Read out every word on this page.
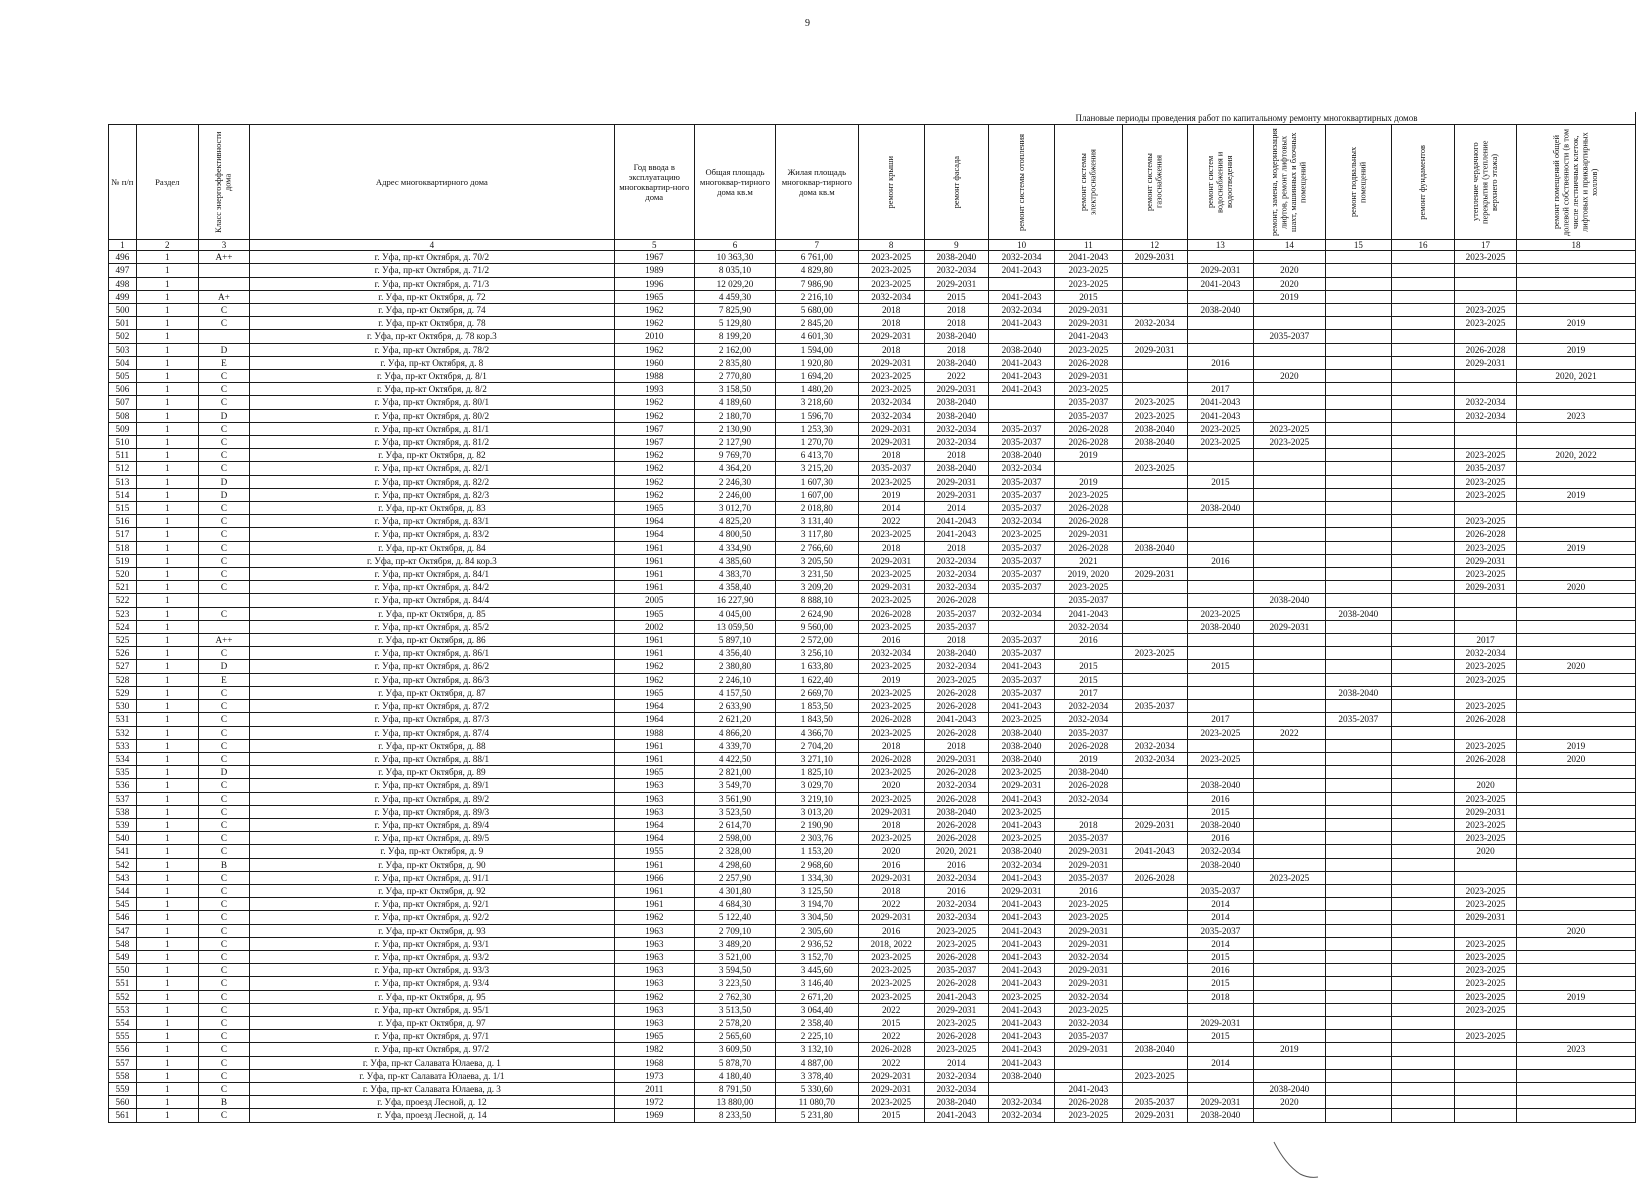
9
							Плановые периоды проведения работ по капитальному ремонту многоквартирных домов										
№ п/п	Раздел	Класс энергоэффективности дома	Адрес многоквартирного дома	Год ввода в эксплуатацию многоквартир-ного дома	Общая площадь многоквар-тирного дома кв.м	Жилая площадь многоквар-тирного дома кв.м	ремонт крыши	ремонт фасада	ремонт системы отопления	ремонт системы электроснабжения	ремонт системы газоснабжения	ремонт систем водоснабжения и водоотведения	ремонт, замена, модернизация лифтов, ремонт лифтовых шахт, машинных и блочных помещений	ремонт подвальных помещений	ремонт фундаментов	утепление чердачного перекрытия (утепление верхнего этажа)	ремонт помещений общей долевой собственности (в том числе лестничных клеток, лифтовых и приквартирных холлов)

1	2	3	4	5	6	7	8	9	10	11	12	13	14	15	16	17	18
496	1	A++	г. Уфа, пр-кт Октября, д. 70/2	1967	10 363,30	6 761,00	2023-2025	2038-2040	2032-2034	2041-2043	2029-2031					2023-2025	
497	1		г. Уфа, пр-кт Октября, д. 71/2	1989	8 035,10	4 829,80	2023-2025	2032-2034	2041-2043	2023-2025		2029-2031	2020				
498	1		г. Уфа, пр-кт Октября, д. 71/3	1996	12 029,20	7 986,90	2023-2025	2029-2031		2023-2025		2041-2043	2020				
499	1	A+	г. Уфа, пр-кт Октября, д. 72	1965	4 459,30	2 216,10	2032-2034	2015	2041-2043	2015			2019				
500	1	C	г. Уфа, пр-кт Октября, д. 74	1962	7 825,90	5 680,00	2018	2018	2032-2034	2029-2031		2038-2040				2023-2025	
501	1	C	г. Уфа, пр-кт Октября, д. 78	1962	5 129,80	2 845,20	2018	2018	2041-2043	2029-2031	2032-2034					2023-2025	2019
502	1		г. Уфа, пр-кт Октября, д. 78 кор.3	2010	8 199,20	4 601,30	2029-2031	2038-2040		2041-2043			2035-2037				
503	1	D	г. Уфа, пр-кт Октября, д. 78/2	1962	2 162,00	1 594,00	2018	2018	2038-2040	2023-2025	2029-2031					2026-2028	2019
504	1	E	г. Уфа, пр-кт Октября, д. 8	1960	2 835,80	1 920,80	2029-2031	2038-2040	2041-2043	2026-2028		2016				2029-2031	
505	1	C	г. Уфа, пр-кт Октября, д. 8/1	1988	2 770,80	1 694,20	2023-2025	2022	2041-2043	2029-2031			2020				2020, 2021
506	1	C	г. Уфа, пр-кт Октября, д. 8/2	1993	3 158,50	1 480,20	2023-2025	2029-2031	2041-2043	2023-2025		2017					
507	1	C	г. Уфа, пр-кт Октября, д. 80/1	1962	4 189,60	3 218,60	2032-2034	2038-2040		2035-2037	2023-2025	2041-2043				2032-2034	
508	1	D	г. Уфа, пр-кт Октября, д. 80/2	1962	2 180,70	1 596,70	2032-2034	2038-2040		2035-2037	2023-2025	2041-2043				2032-2034	2023
509	1	C	г. Уфа, пр-кт Октября, д. 81/1	1967	2 130,90	1 253,30	2029-2031	2032-2034	2035-2037	2026-2028	2038-2040	2023-2025	2023-2025				
510	1	C	г. Уфа, пр-кт Октября, д. 81/2	1967	2 127,90	1 270,70	2029-2031	2032-2034	2035-2037	2026-2028	2038-2040	2023-2025	2023-2025				
511	1	C	г. Уфа, пр-кт Октября, д. 82	1962	9 769,70	6 413,70	2018	2018	2038-2040	2019						2023-2025	2020, 2022
512	1	C	г. Уфа, пр-кт Октября, д. 82/1	1962	4 364,20	3 215,20	2035-2037	2038-2040	2032-2034		2023-2025					2035-2037	
513	1	D	г. Уфа, пр-кт Октября, д. 82/2	1962	2 246,30	1 607,30	2023-2025	2029-2031	2035-2037	2019		2015				2023-2025	
514	1	D	г. Уфа, пр-кт Октября, д. 82/3	1962	2 246,00	1 607,00	2019	2029-2031	2035-2037	2023-2025						2023-2025	2019
515	1	C	г. Уфа, пр-кт Октября, д. 83	1965	3 012,70	2 018,80	2014	2014	2035-2037	2026-2028		2038-2040					
516	1	C	г. Уфа, пр-кт Октября, д. 83/1	1964	4 825,20	3 131,40	2022	2041-2043	2032-2034	2026-2028						2023-2025	
517	1	C	г. Уфа, пр-кт Октября, д. 83/2	1964	4 800,50	3 117,80	2023-2025	2041-2043	2023-2025	2029-2031						2026-2028	
518	1	C	г. Уфа, пр-кт Октября, д. 84	1961	4 334,90	2 766,60	2018	2018	2035-2037	2026-2028	2038-2040					2023-2025	2019
519	1	C	г. Уфа, пр-кт Октября, д. 84 кор.3	1961	4 385,60	3 205,50	2029-2031	2032-2034	2035-2037	2021		2016				2029-2031	
520	1	C	г. Уфа, пр-кт Октября, д. 84/1	1961	4 383,70	3 231,50	2023-2025	2032-2034	2035-2037	2019, 2020	2029-2031					2023-2025	
521	1	C	г. Уфа, пр-кт Октября, д. 84/2	1961	4 358,40	3 209,20	2029-2031	2032-2034	2035-2037	2023-2025						2029-2031	2020
522	1		г. Уфа, пр-кт Октября, д. 84/4	2005	16 227,90	8 888,10	2023-2025	2026-2028		2035-2037			2038-2040				
523	1	C	г. Уфа, пр-кт Октября, д. 85	1965	4 045,00	2 624,90	2026-2028	2035-2037	2032-2034	2041-2043		2023-2025		2038-2040			
524	1		г. Уфа, пр-кт Октября, д. 85/2	2002	13 059,50	9 560,00	2023-2025	2035-2037		2032-2034		2038-2040	2029-2031				
525	1	A++	г. Уфа, пр-кт Октября, д. 86	1961	5 897,10	2 572,00	2016	2018	2035-2037	2016						2017	
526	1	C	г. Уфа, пр-кт Октября, д. 86/1	1961	4 356,40	3 256,10	2032-2034	2038-2040	2035-2037		2023-2025					2032-2034	
527	1	D	г. Уфа, пр-кт Октября, д. 86/2	1962	2 380,80	1 633,80	2023-2025	2032-2034	2041-2043	2015		2015				2023-2025	2020
528	1	E	г. Уфа, пр-кт Октября, д. 86/3	1962	2 246,10	1 622,40	2019	2023-2025	2035-2037	2015						2023-2025	
529	1	C	г. Уфа, пр-кт Октября, д. 87	1965	4 157,50	2 669,70	2023-2025	2026-2028	2035-2037	2017				2038-2040			
530	1	C	г. Уфа, пр-кт Октября, д. 87/2	1964	2 633,90	1 853,50	2023-2025	2026-2028	2041-2043	2032-2034	2035-2037					2023-2025	
531	1	C	г. Уфа, пр-кт Октября, д. 87/3	1964	2 621,20	1 843,50	2026-2028	2041-2043	2023-2025	2032-2034		2017		2035-2037		2026-2028	
532	1	C	г. Уфа, пр-кт Октября, д. 87/4	1988	4 866,20	4 366,70	2023-2025	2026-2028	2038-2040	2035-2037		2023-2025	2022				
533	1	C	г. Уфа, пр-кт Октября, д. 88	1961	4 339,70	2 704,20	2018	2018	2038-2040	2026-2028	2032-2034					2023-2025	2019
534	1	C	г. Уфа, пр-кт Октября, д. 88/1	1961	4 422,50	3 271,10	2026-2028	2029-2031	2038-2040	2019	2032-2034	2023-2025				2026-2028	2020
535	1	D	г. Уфа, пр-кт Октября, д. 89	1965	2 821,00	1 825,10	2023-2025	2026-2028	2023-2025	2038-2040							
536	1	C	г. Уфа, пр-кт Октября, д. 89/1	1963	3 549,70	3 029,70	2020	2032-2034	2029-2031	2026-2028		2038-2040				2020	
537	1	C	г. Уфа, пр-кт Октября, д. 89/2	1963	3 561,90	3 219,10	2023-2025	2026-2028	2041-2043	2032-2034		2016				2023-2025	
538	1	C	г. Уфа, пр-кт Октября, д. 89/3	1963	3 523,50	3 013,20	2029-2031	2038-2040	2023-2025			2015				2029-2031	
539	1	C	г. Уфа, пр-кт Октября, д. 89/4	1964	2 614,70	2 190,90	2018	2026-2028	2041-2043	2018	2029-2031	2038-2040				2023-2025	
540	1	C	г. Уфа, пр-кт Октября, д. 89/5	1964	2 598,00	2 303,76	2023-2025	2026-2028	2023-2025	2035-2037		2016				2023-2025	
541	1	C	г. Уфа, пр-кт Октября, д. 9	1955	2 328,00	1 153,20	2020	2020, 2021	2038-2040	2029-2031	2041-2043	2032-2034				2020	
542	1	B	г. Уфа, пр-кт Октября, д. 90	1961	4 298,60	2 968,60	2016	2016	2032-2034	2029-2031		2038-2040					
543	1	C	г. Уфа, пр-кт Октября, д. 91/1	1966	2 257,90	1 334,30	2029-2031	2032-2034	2041-2043	2035-2037	2026-2028		2023-2025				
544	1	C	г. Уфа, пр-кт Октября, д. 92	1961	4 301,80	3 125,50	2018	2016	2029-2031	2016		2035-2037				2023-2025	
545	1	C	г. Уфа, пр-кт Октября, д. 92/1	1961	4 684,30	3 194,70	2022	2032-2034	2041-2043	2023-2025		2014				2023-2025	
546	1	C	г. Уфа, пр-кт Октября, д. 92/2	1962	5 122,40	3 304,50	2029-2031	2032-2034	2041-2043	2023-2025		2014				2029-2031	
547	1	C	г. Уфа, пр-кт Октября, д. 93	1963	2 709,10	2 305,60	2016	2023-2025	2041-2043	2029-2031		2035-2037					2020
548	1	C	г. Уфа, пр-кт Октября, д. 93/1	1963	3 489,20	2 936,52	2018, 2022	2023-2025	2041-2043	2029-2031		2014				2023-2025	
549	1	C	г. Уфа, пр-кт Октября, д. 93/2	1963	3 521,00	3 152,70	2023-2025	2026-2028	2041-2043	2032-2034		2015				2023-2025	
550	1	C	г. Уфа, пр-кт Октября, д. 93/3	1963	3 594,50	3 445,60	2023-2025	2035-2037	2041-2043	2029-2031		2016				2023-2025	
551	1	C	г. Уфа, пр-кт Октября, д. 93/4	1963	3 223,50	3 146,40	2023-2025	2026-2028	2041-2043	2029-2031		2015				2023-2025	
552	1	C	г. Уфа, пр-кт Октября, д. 95	1962	2 762,30	2 671,20	2023-2025	2041-2043	2023-2025	2032-2034		2018				2023-2025	2019
553	1	C	г. Уфа, пр-кт Октября, д. 95/1	1963	3 513,50	3 064,40	2022	2029-2031	2041-2043	2023-2025						2023-2025	
554	1	C	г. Уфа, пр-кт Октября, д. 97	1963	2 578,20	2 358,40	2015	2023-2025	2041-2043	2032-2034		2029-2031					
555	1	C	г. Уфа, пр-кт Октября, д. 97/1	1965	2 565,60	2 225,10	2022	2026-2028	2041-2043	2035-2037		2015				2023-2025	
556	1	C	г. Уфа, пр-кт Октября, д. 97/2	1982	3 609,50	3 132,10	2026-2028	2023-2025	2041-2043	2029-2031	2038-2040		2019				2023
557	1	C	г. Уфа, пр-кт Салавата Юлаева, д. 1	1968	5 878,70	4 887,00	2022	2014	2041-2043			2014					
558	1	C	г. Уфа, пр-кт Салавата Юлаева, д. 1/1	1973	4 180,40	3 378,40	2029-2031	2032-2034	2038-2040		2023-2025						
559	1	C	г. Уфа, пр-кт Салавата Юлаева, д. 3	2011	8 791,50	5 330,60	2029-2031	2032-2034		2041-2043			2038-2040				
560	1	B	г. Уфа, проезд Лесной, д. 12	1972	13 880,00	11 080,70	2023-2025	2038-2040	2032-2034	2026-2028	2035-2037	2029-2031	2020				
561	1	C	г. Уфа, проезд Лесной, д. 14	1969	8 233,50	5 231,80	2015	2041-2043	2032-2034	2023-2025	2029-2031	2038-2040					
